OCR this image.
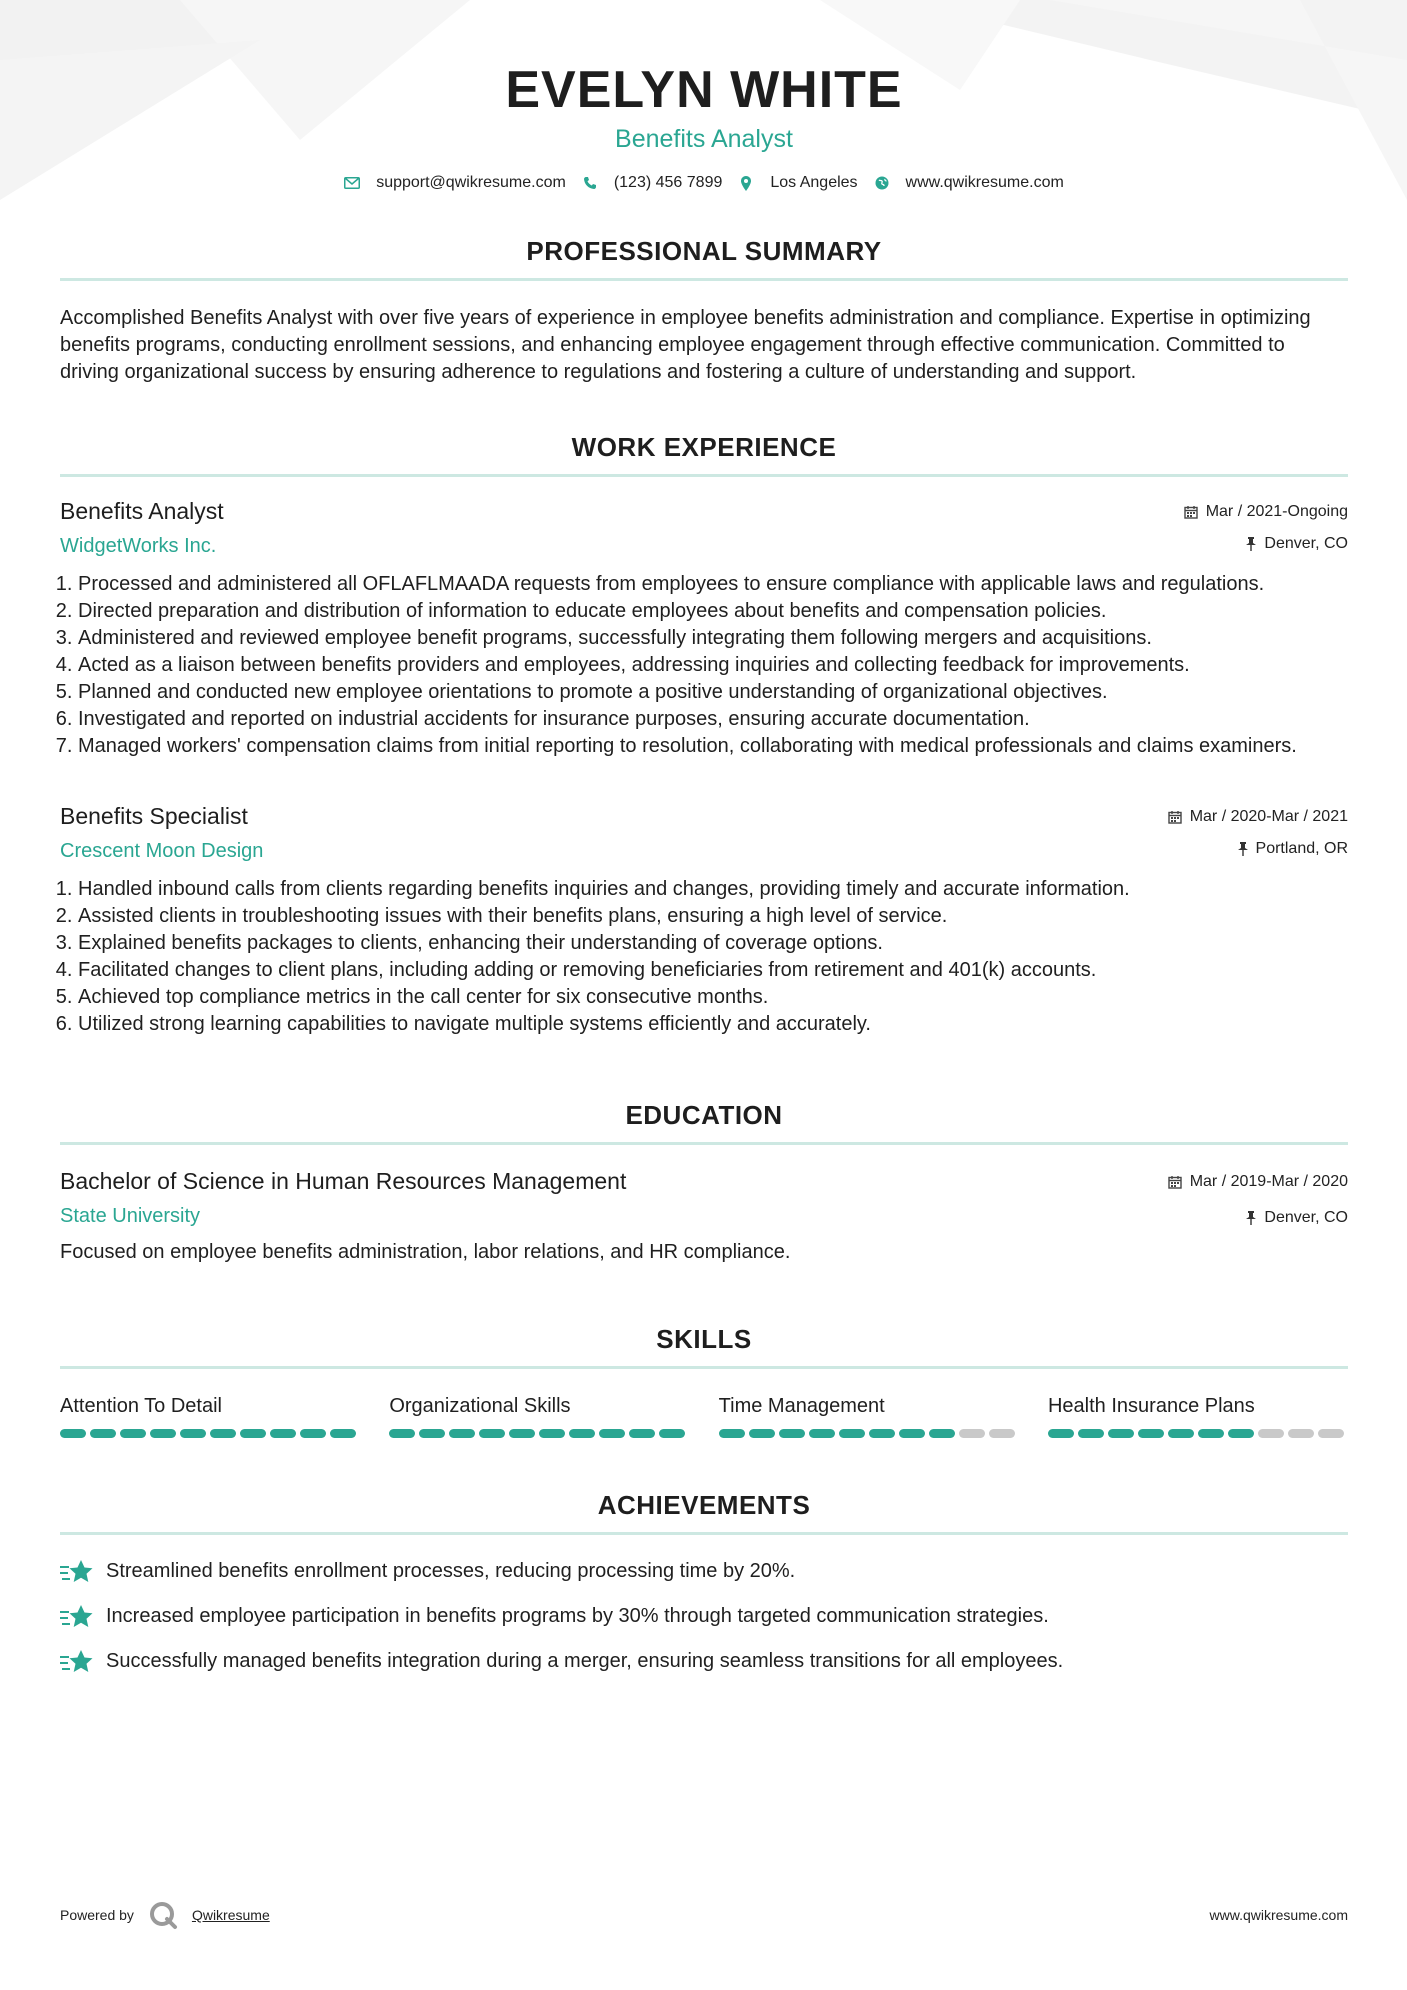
EVELYN WHITE
Benefits Analyst
support@qwikresume.com	(123) 456 7899	Los Angeles	www.qwikresume.com
PROFESSIONAL SUMMARY
Accomplished Benefits Analyst with over five years of experience in employee benefits administration and compliance. Expertise in optimizing benefits programs, conducting enrollment sessions, and enhancing employee engagement through effective communication. Committed to driving organizational success by ensuring adherence to regulations and fostering a culture of understanding and support.
WORK EXPERIENCE
Benefits Analyst
WidgetWorks Inc.
Mar / 2021-Ongoing
Denver, CO
1. Processed and administered all OFLAFLMAADA requests from employees to ensure compliance with applicable laws and regulations.
2. Directed preparation and distribution of information to educate employees about benefits and compensation policies.
3. Administered and reviewed employee benefit programs, successfully integrating them following mergers and acquisitions.
4. Acted as a liaison between benefits providers and employees, addressing inquiries and collecting feedback for improvements.
5. Planned and conducted new employee orientations to promote a positive understanding of organizational objectives.
6. Investigated and reported on industrial accidents for insurance purposes, ensuring accurate documentation.
7. Managed workers' compensation claims from initial reporting to resolution, collaborating with medical professionals and claims examiners.
Benefits Specialist
Crescent Moon Design
Mar / 2020-Mar / 2021
Portland, OR
1. Handled inbound calls from clients regarding benefits inquiries and changes, providing timely and accurate information.
2. Assisted clients in troubleshooting issues with their benefits plans, ensuring a high level of service.
3. Explained benefits packages to clients, enhancing their understanding of coverage options.
4. Facilitated changes to client plans, including adding or removing beneficiaries from retirement and 401(k) accounts.
5. Achieved top compliance metrics in the call center for six consecutive months.
6. Utilized strong learning capabilities to navigate multiple systems efficiently and accurately.
EDUCATION
Bachelor of Science in Human Resources Management
State University
Mar / 2019-Mar / 2020
Denver, CO
Focused on employee benefits administration, labor relations, and HR compliance.
SKILLS
Attention To Detail	Organizational Skills	Time Management	Health Insurance Plans
ACHIEVEMENTS
Streamlined benefits enrollment processes, reducing processing time by 20%.
Increased employee participation in benefits programs by 30% through targeted communication strategies.
Successfully managed benefits integration during a merger, ensuring seamless transitions for all employees.
Powered by	Qwikresume	www.qwikresume.com
